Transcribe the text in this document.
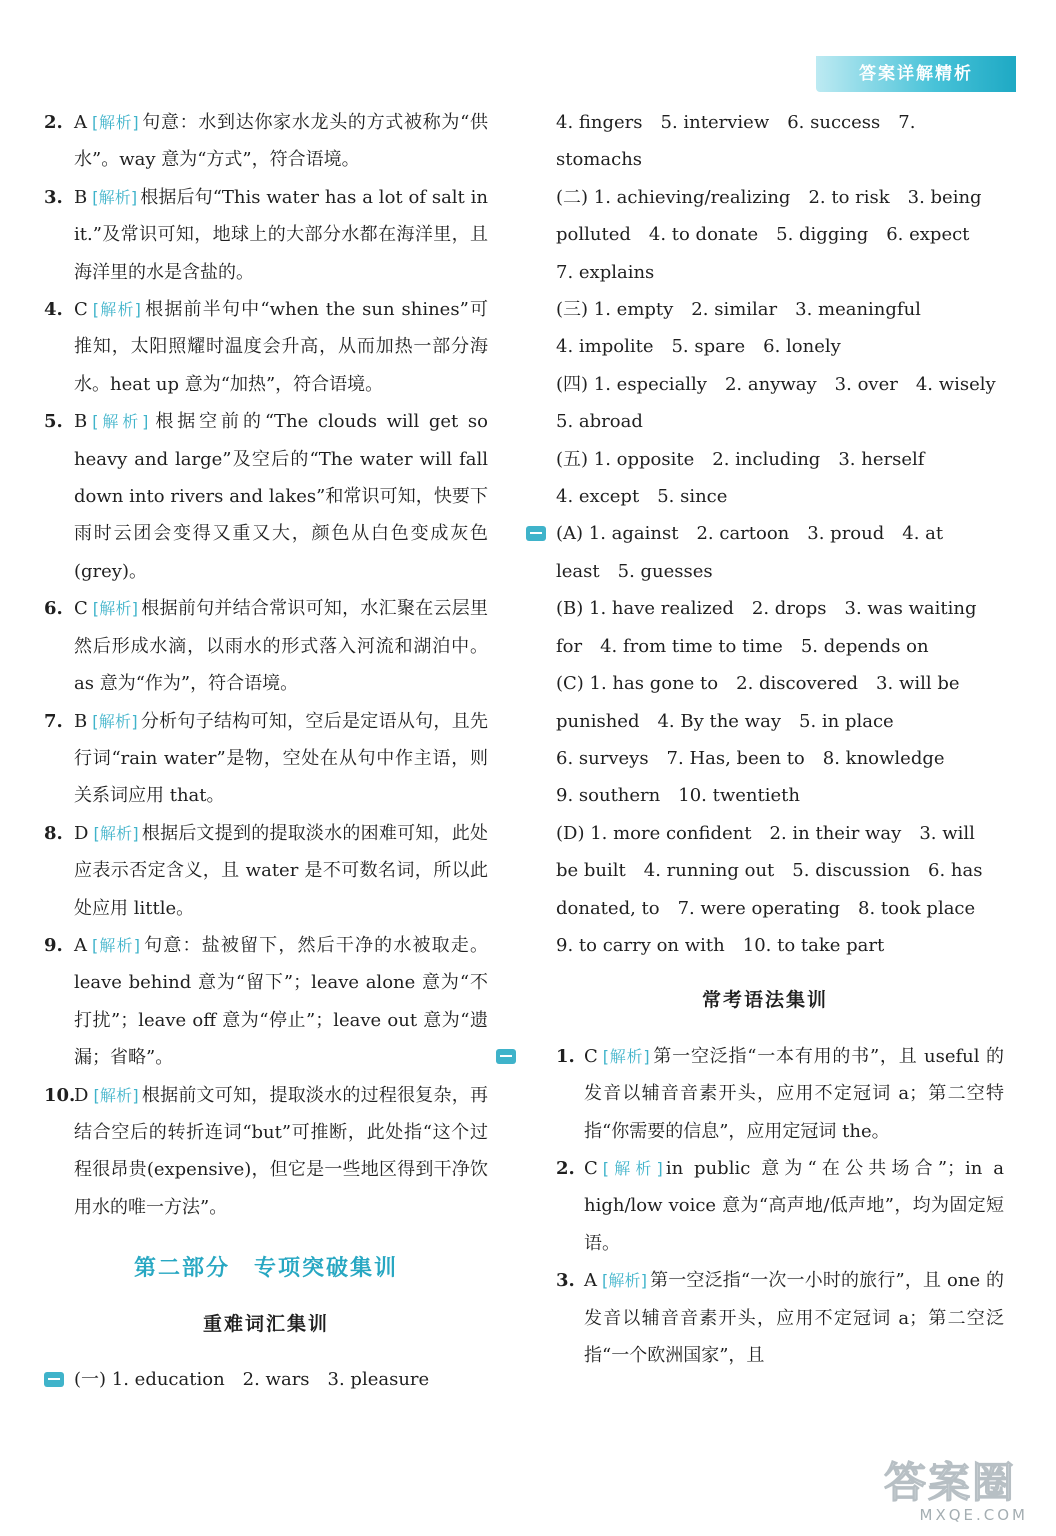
答案详解精析
2. A [解析] 句意：水到达你家水龙头的方式被称为“供水”。way 意为“方式”，符合语境。
3. B [解析] 根据后句“This water has a lot of salt in it.”及常识可知，地球上的大部分水都在海洋里，且海洋里的水是含盐的。
4. C [解析] 根据前半句中“when the sun shines”可推知，太阳照耀时温度会升高，从而加热一部分海水。heat up 意为“加热”，符合语境。
5. B [解析] 根据空前的“The clouds will get so heavy and large”及空后的“The water will fall down into rivers and lakes”和常识可知，快要下雨时云团会变得又重又大，颜色从白色变成灰色(grey)。
6. C [解析] 根据前句并结合常识可知，水汇聚在云层里然后形成水滴，以雨水的形式落入河流和湖泊中。as 意为“作为”，符合语境。
7. B [解析] 分析句子结构可知，空后是定语从句，且先行词“rain water”是物，空处在从句中作主语，则关系词应用 that。
8. D [解析] 根据后文提到的提取淡水的困难可知，此处应表示否定含义，且 water 是不可数名词，所以此处应用 little。
9. A [解析] 句意：盐被留下，然后干净的水被取走。leave behind 意为“留下”；leave alone 意为“不打扰”；leave off 意为“停止”；leave out 意为“遗漏；省略”。
10.
D [解析] 根据前文可知，提取淡水的过程很复杂，再结合空后的转折连词“but”可推断，此处指“这个过程很昂贵(expensive)，但它是一些地区得到干净饮用水的唯一方法”。
第二部分　专项突破集训
重难词汇集训
(一) 1. education　2. wars　3. pleasure
4. fingers　5. interview　6. success　7. stomachs
(二) 1. achieving/realizing　2. to risk　3. being
polluted　4. to donate　5. digging　6. expect
7. explains
(三) 1. empty　2. similar　3. meaningful
4. impolite　5. spare　6. lonely
(四) 1. especially　2. anyway　3. over　4. wisely
5. abroad
(五) 1. opposite　2. including　3. herself
4. except　5. since
(A) 1. against　2. cartoon　3. proud　4. at
least　5. guesses
(B) 1. have realized　2. drops　3. was waiting
for　4. from time to time　5. depends on
(C) 1. has gone to　2. discovered　3. will be
punished　4. By the way　5. in place
6. surveys　7. Has, been to　8. knowledge
9. southern　10. twentieth
(D) 1. more confident　2. in their way　3. will
be built　4. running out　5. discussion　6. has
donated, to　7. were operating　8. took place
9. to carry on with　10. to take part
常考语法集训
1. C [解析] 第一空泛指“一本有用的书”，且 useful 的发音以辅音音素开头，应用不定冠词 a；第二空特指“你需要的信息”，应用定冠词 the。
2. C [解析] in public 意为“在公共场合”；in a high/low voice 意为“高声地/低声地”，均为固定短语。
3. A [解析] 第一空泛指“一次一小时的旅行”，且 one 的发音以辅音音素开头，应用不定冠词 a；第二空泛指“一个欧洲国家”，且
答案圈
MXQE.COM
